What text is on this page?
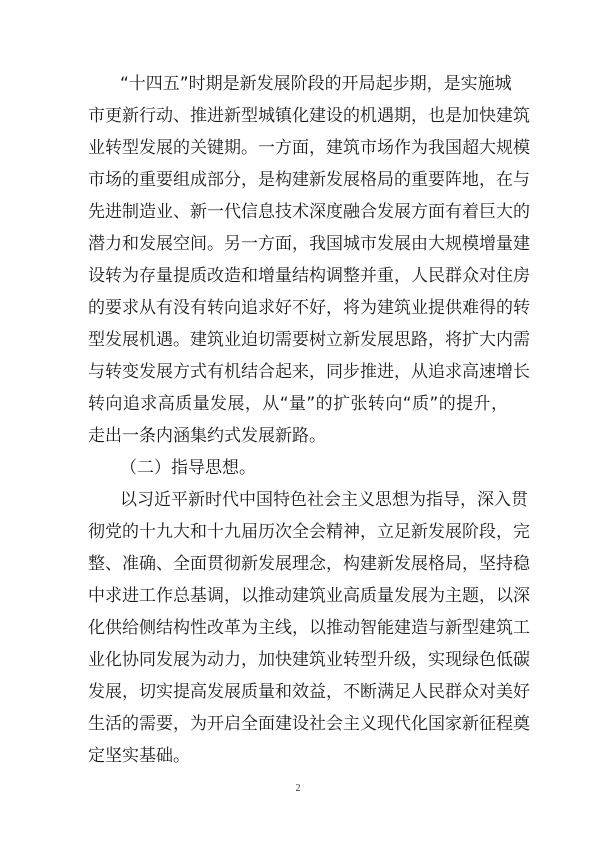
“十四五”时期是新发展阶段的开局起步期，是实施城
市更新行动、推进新型城镇化建设的机遇期，也是加快建筑
业转型发展的关键期。一方面，建筑市场作为我国超大规模
市场的重要组成部分，是构建新发展格局的重要阵地，在与
先进制造业、新一代信息技术深度融合发展方面有着巨大的
潜力和发展空间。另一方面，我国城市发展由大规模增量建
设转为存量提质改造和增量结构调整并重，人民群众对住房
的要求从有没有转向追求好不好，将为建筑业提供难得的转
型发展机遇。建筑业迫切需要树立新发展思路，将扩大内需
与转变发展方式有机结合起来，同步推进，从追求高速增长
转向追求高质量发展，从“量”的扩张转向“质”的提升，
走出一条内涵集约式发展新路。
（二）指导思想。
以习近平新时代中国特色社会主义思想为指导，深入贯
彻党的十九大和十九届历次全会精神，立足新发展阶段，完
整、准确、全面贯彻新发展理念，构建新发展格局，坚持稳
中求进工作总基调，以推动建筑业高质量发展为主题，以深
化供给侧结构性改革为主线，以推动智能建造与新型建筑工
业化协同发展为动力，加快建筑业转型升级，实现绿色低碳
发展，切实提高发展质量和效益，不断满足人民群众对美好
生活的需要，为开启全面建设社会主义现代化国家新征程奠
定坚实基础。
2
